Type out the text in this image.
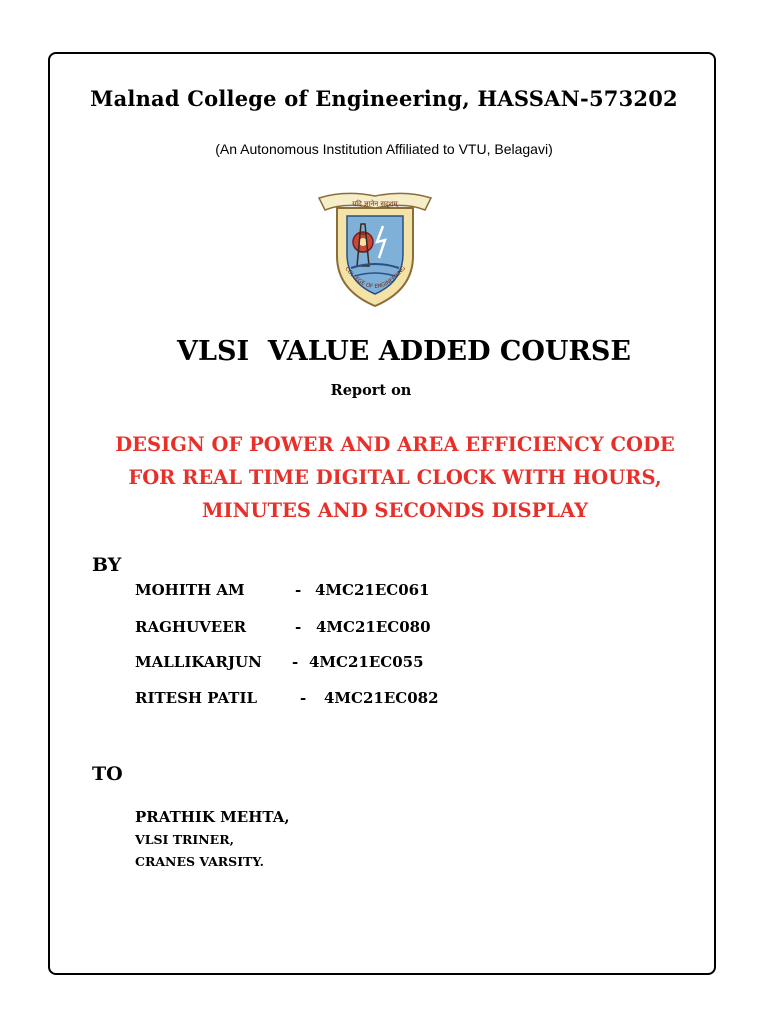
Malnad College of Engineering, HASSAN-573202
(An Autonomous Institution Affiliated to VTU, Belagavi)
यदि ज्ञानेन सदृशम्
COLLEGE OF ENGINEERING
VLSI  VALUE ADDED COURSE
Report on
DESIGN OF POWER AND AREA EFFICIENCY CODE
FOR REAL TIME DIGITAL CLOCK WITH HOURS,
MINUTES AND SECONDS DISPLAY
BY
MOHITH AM	- 4MC21EC061
RAGHUVEER	- 4MC21EC080
MALLIKARJUN - 4MC21EC055
RITESH PATIL	- 4MC21EC082
TO
PRATHIK MEHTA,
VLSI TRINER,
CRANES VARSITY.
